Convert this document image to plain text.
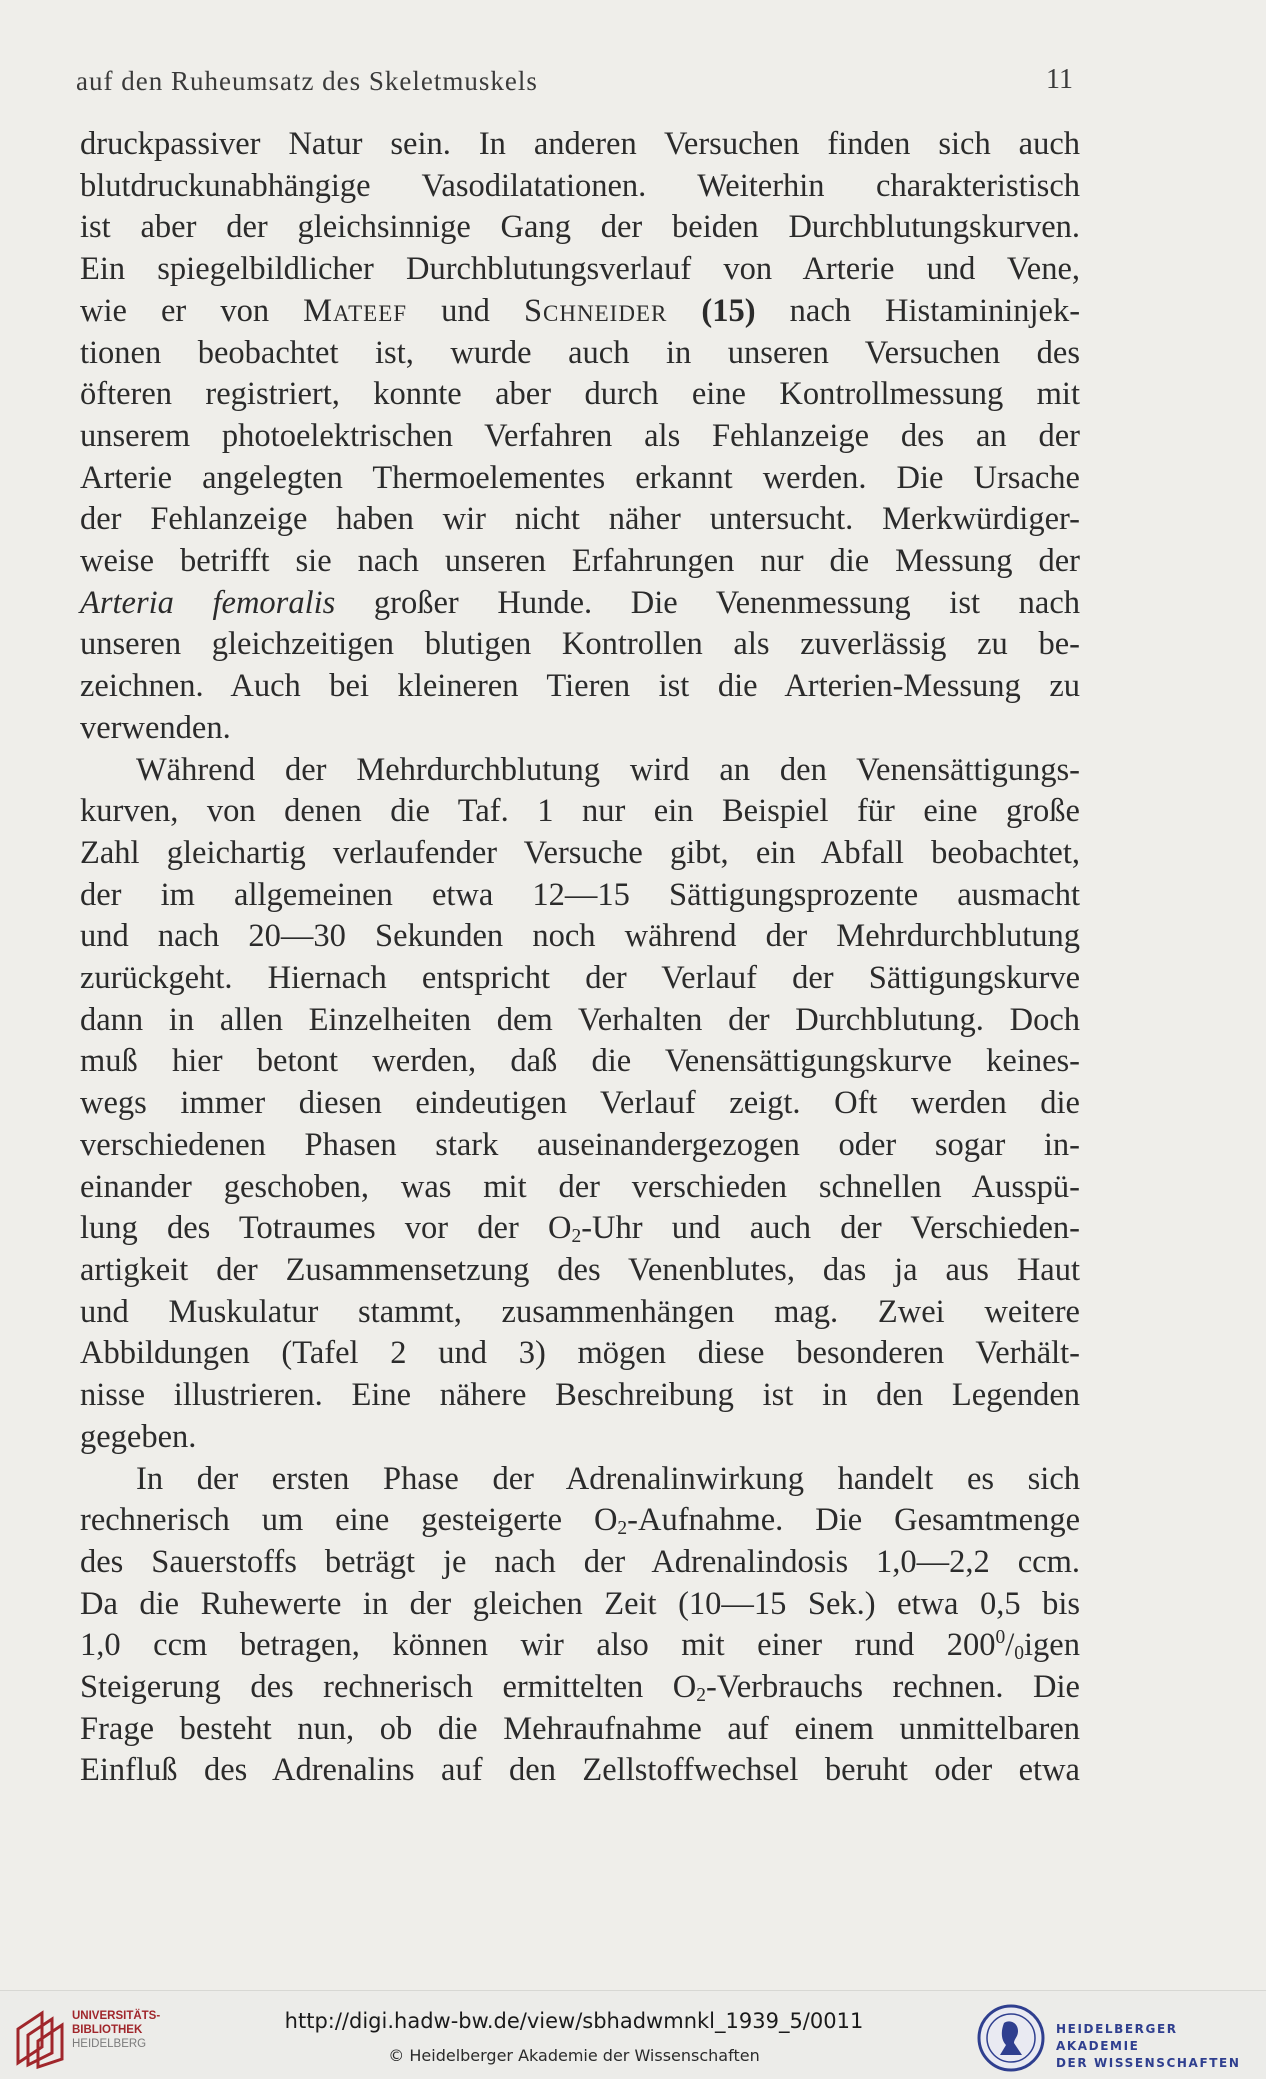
auf den Ruheumsatz des Skeletmuskels	11

druckpassiver Natur sein. In anderen Versuchen finden sich auch
blutdruckunabhängige Vasodilatationen. Weiterhin charakteristisch
ist aber der gleichsinnige Gang der beiden Durchblutungskurven.
Ein spiegelbildlicher Durchblutungsverlauf von Arterie und Vene,
wie er von Mateef und Schneider (15) nach Histamininjek-
tionen beobachtet ist, wurde auch in unseren Versuchen des
öfteren registriert, konnte aber durch eine Kontrollmessung mit
unserem photoelektrischen Verfahren als Fehlanzeige des an der
Arterie angelegten Thermoelementes erkannt werden. Die Ursache
der Fehlanzeige haben wir nicht näher untersucht. Merkwürdiger-
weise betrifft sie nach unseren Erfahrungen nur die Messung der
Arteria femoralis großer Hunde. Die Venenmessung ist nach
unseren gleichzeitigen blutigen Kontrollen als zuverlässig zu be-
zeichnen. Auch bei kleineren Tieren ist die Arterien-Messung zu
verwenden.

Während der Mehrdurchblutung wird an den Venensättigungs-
kurven, von denen die Taf. 1 nur ein Beispiel für eine große
Zahl gleichartig verlaufender Versuche gibt, ein Abfall beobachtet,
der im allgemeinen etwa 12—15 Sättigungsprozente ausmacht
und nach 20—30 Sekunden noch während der Mehrdurchblutung
zurückgeht. Hiernach entspricht der Verlauf der Sättigungskurve
dann in allen Einzelheiten dem Verhalten der Durchblutung. Doch
muß hier betont werden, daß die Venensättigungskurve keines-
wegs immer diesen eindeutigen Verlauf zeigt. Oft werden die
verschiedenen Phasen stark auseinandergezogen oder sogar in-
einander geschoben, was mit der verschieden schnellen Ausspü-
lung des Totraumes vor der $O_2$-Uhr und auch der Verschieden-
artigkeit der Zusammensetzung des Venenblutes, das ja aus Haut
und Muskulatur stammt, zusammenhängen mag. Zwei weitere
Abbildungen (Tafel 2 und 3) mögen diese besonderen Verhält-
nisse illustrieren. Eine nähere Beschreibung ist in den Legenden
gegeben.

In der ersten Phase der Adrenalinwirkung handelt es sich
rechnerisch um eine gesteigerte $O_2$-Aufnahme. Die Gesamtmenge
des Sauerstoffs beträgt je nach der Adrenalindosis 1,0—2,2 ccm.
Da die Ruhewerte in der gleichen Zeit (10—15 Sek.) etwa 0,5 bis
1,0 ccm betragen, können wir also mit einer rund $200^0/_0igen$
Steigerung des rechnerisch ermittelten $O_2$-Verbrauchs rechnen. Die
Frage besteht nun, ob die Mehraufnahme auf einem unmittelbaren
Einfluß des Adrenalins auf den Zellstoffwechsel beruht oder etwa

UNIVERSITÄTS-
BIBLIOTHEK
HEIDELBERG
http://digi.hadw-bw.de/view/sbhadwmnkl_1939_5/0011
© Heidelberger Akademie der Wissenschaften
HEIDELBERGER AKADEMIE
DER WISSENSCHAFTEN
